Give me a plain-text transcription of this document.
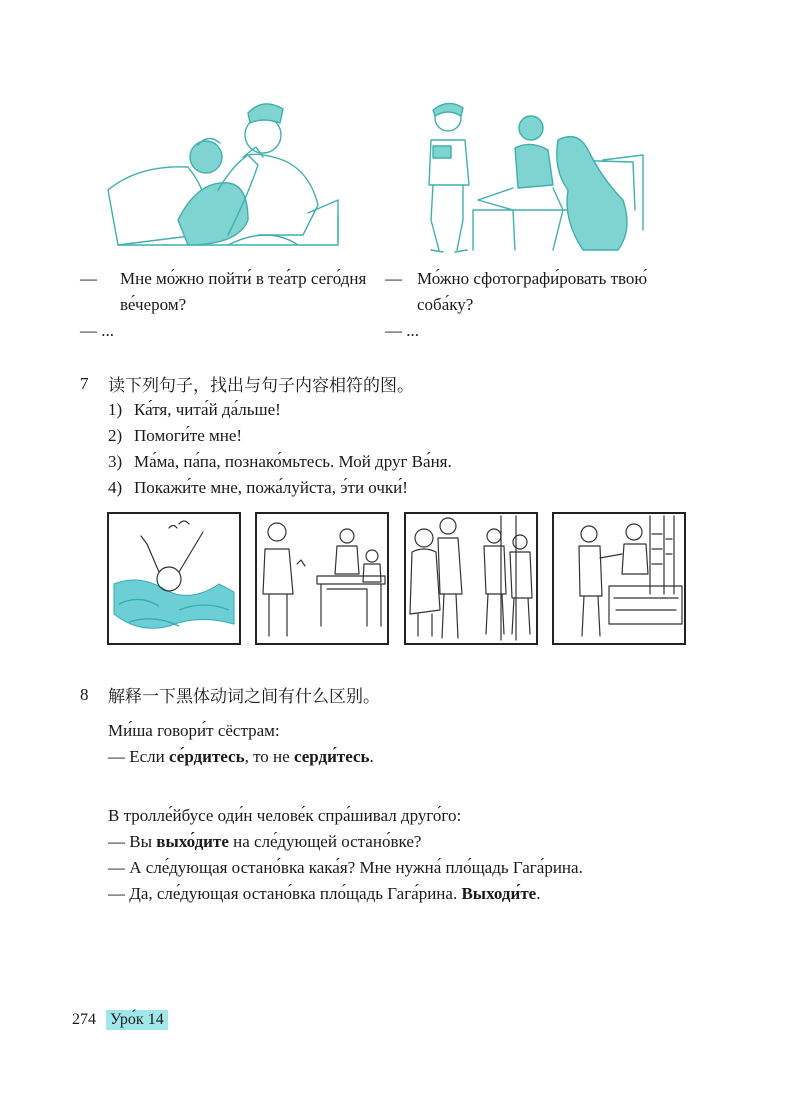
—	Мне мо́жно пойти́ в теа́тр сего́дня
ве́чером?
— ...
— Мо́жно сфотографи́ровать твою́
соба́ку?
— ...
7	读下列句子，找出与句子内容相符的图。
1) Ка́тя, чита́й да́льше!
2) Помоги́те мне!
3) Ма́ма, па́па, познако́мьтесь. Мой друг Ва́ня.
4) Покажи́те мне, пожа́луйста, э́ти очки́!
8	解释一下黑体动词之间有什么区别。
Ми́ша говори́т сёстрам:
— Если се́рдитесь, то не серди́тесь.
В тролле́йбусе оди́н челове́к спра́шивал друго́го:
— Вы выхо́дите на сле́дующей остано́вке?
— А сле́дующая остано́вка кака́я? Мне нужна́ пло́щадь Гага́рина.
— Да, сле́дующая остано́вка пло́щадь Гага́рина. Выходи́те.
274 Уро́к 14
